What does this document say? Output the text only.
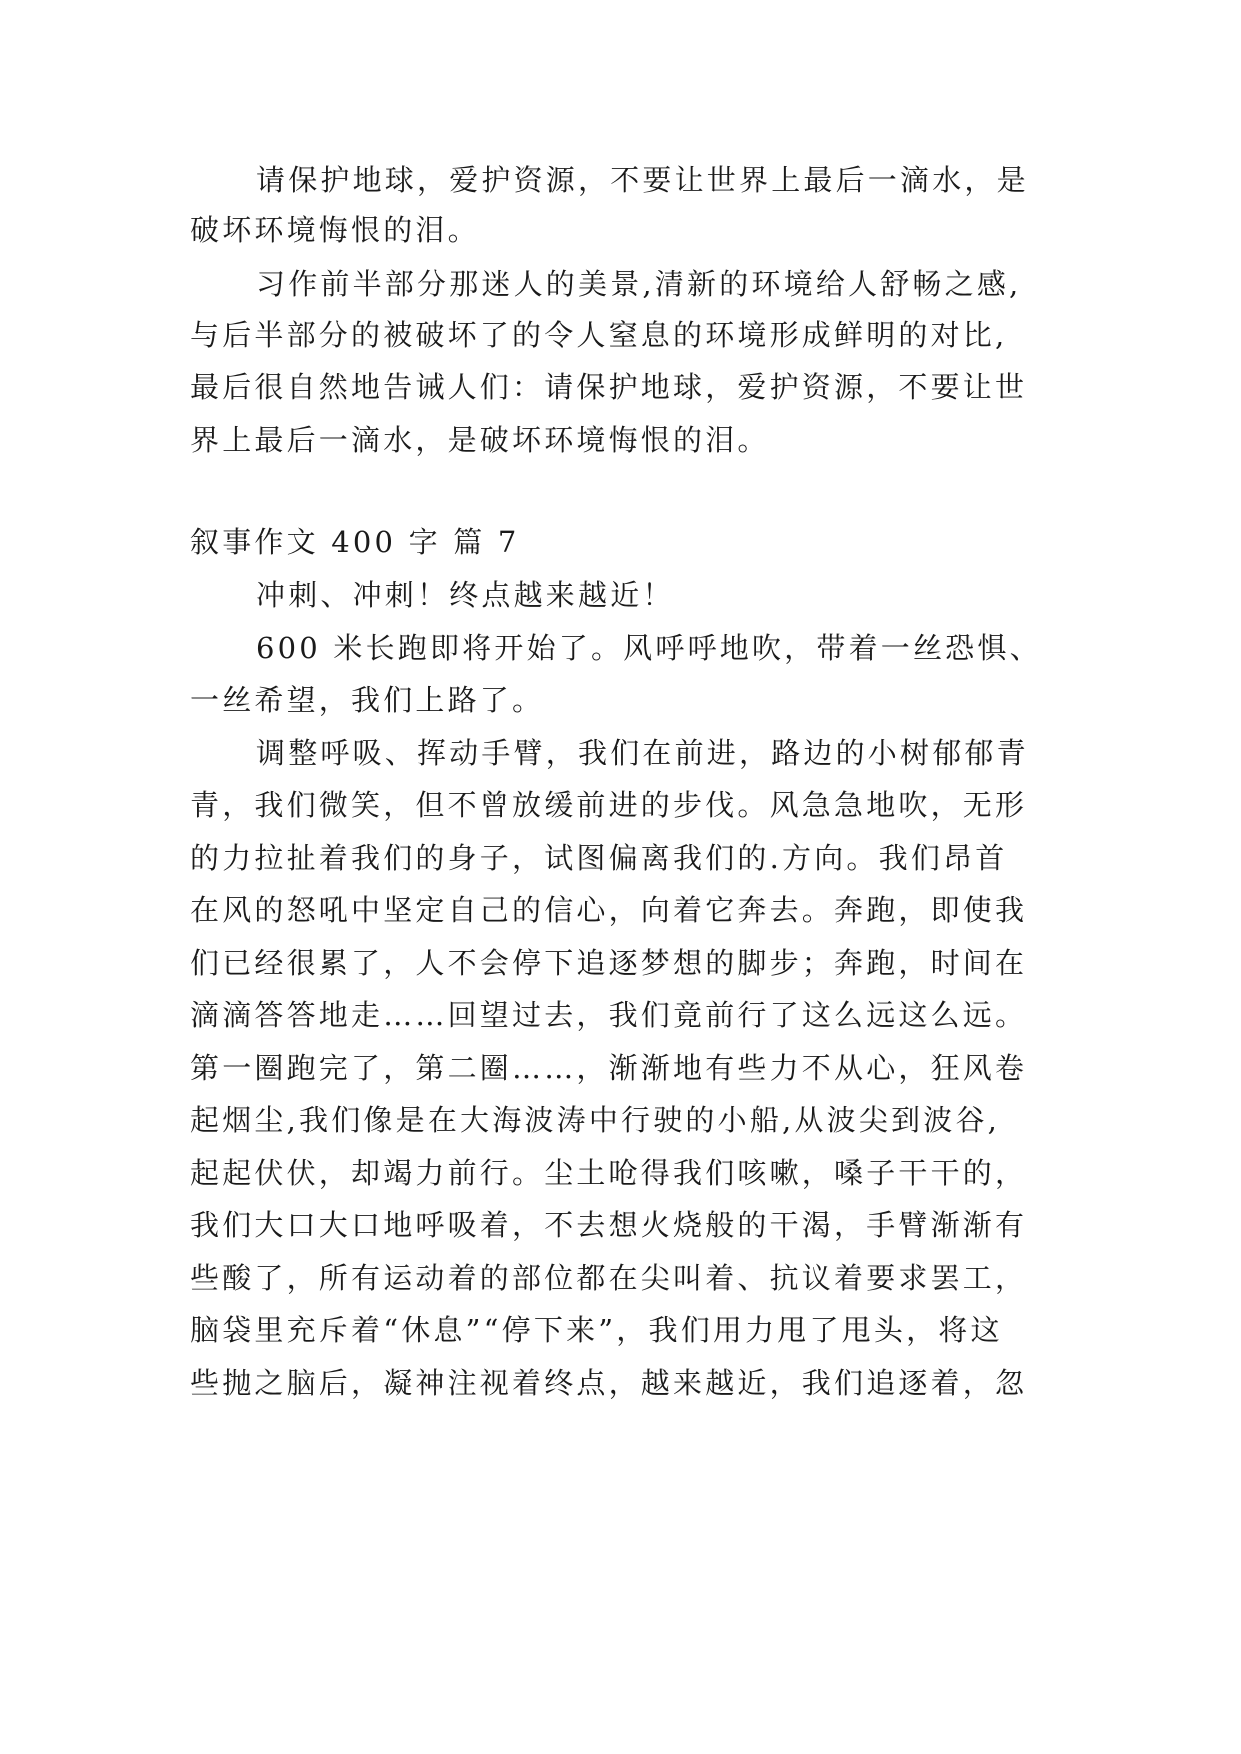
请保护地球，爱护资源，不要让世界上最后一滴水，是
破坏环境悔恨的泪。
习作前半部分那迷人的美景,清新的环境给人舒畅之感,
与后半部分的被破坏了的令人窒息的环境形成鲜明的对比,
最后很自然地告诫人们：请保护地球，爱护资源，不要让世
界上最后一滴水，是破坏环境悔恨的泪。
叙事作文 400 字 篇 7
冲刺、冲刺！终点越来越近！
600 米长跑即将开始了。风呼呼地吹，带着一丝恐惧、
一丝希望，我们上路了。
调整呼吸、挥动手臂，我们在前进，路边的小树郁郁青
青，我们微笑，但不曾放缓前进的步伐。风急急地吹，无形
的力拉扯着我们的身子，试图偏离我们的.方向。我们昂首
在风的怒吼中坚定自己的信心，向着它奔去。奔跑，即使我
们已经很累了，人不会停下追逐梦想的脚步；奔跑，时间在
滴滴答答地走……回望过去，我们竟前行了这么远这么远。
第一圈跑完了，第二圈……，渐渐地有些力不从心，狂风卷
起烟尘,我们像是在大海波涛中行驶的小船,从波尖到波谷,
起起伏伏，却竭力前行。尘土呛得我们咳嗽，嗓子干干的，
我们大口大口地呼吸着，不去想火烧般的干渴，手臂渐渐有
些酸了，所有运动着的部位都在尖叫着、抗议着要求罢工，
脑袋里充斥着“休息”“停下来”，我们用力甩了甩头，将这
些抛之脑后，凝神注视着终点，越来越近，我们追逐着，忽
